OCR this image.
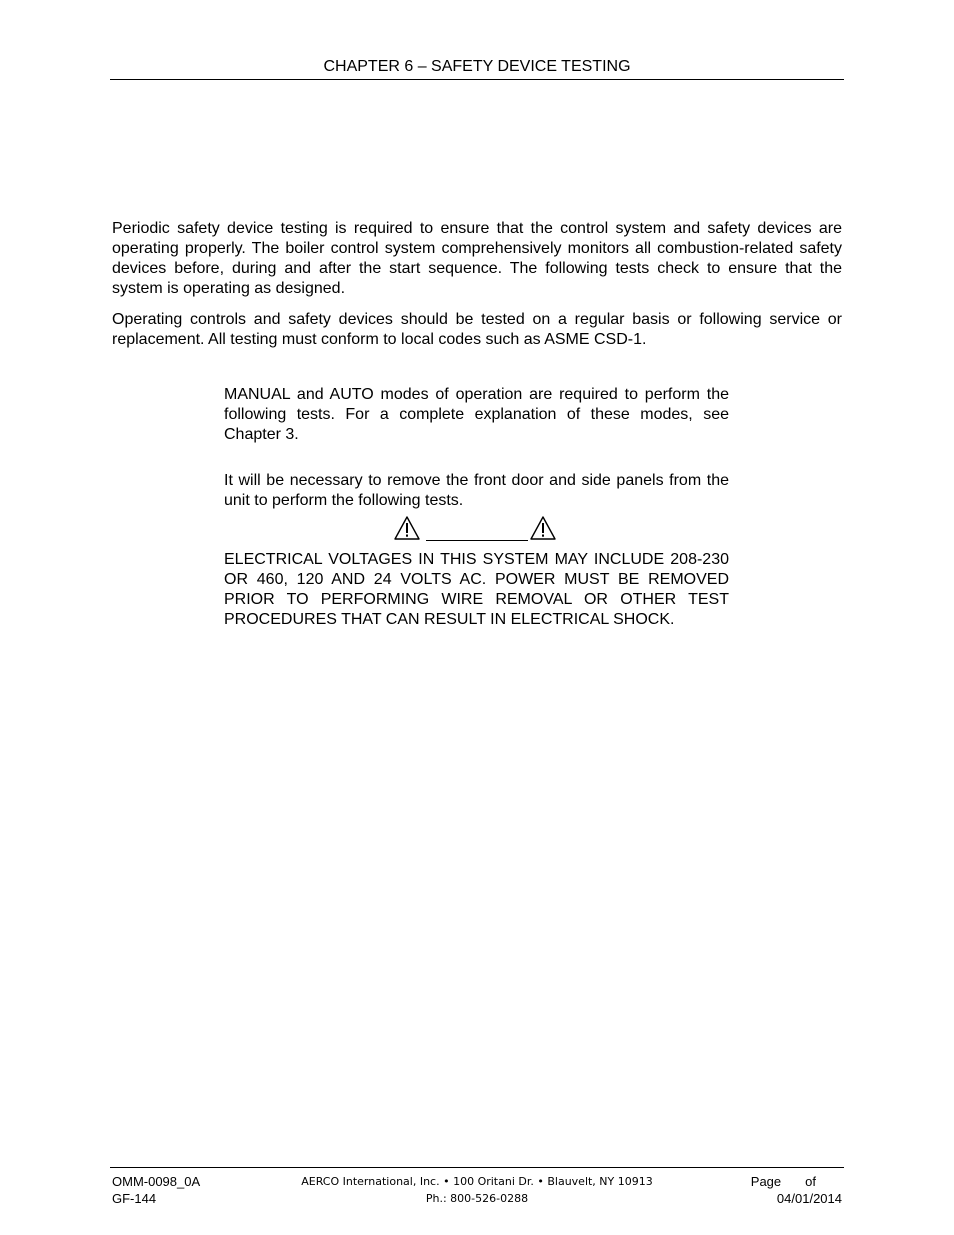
CHAPTER 6 – SAFETY DEVICE TESTING
Periodic safety device testing is required to ensure that the control system and safety devices are operating properly. The boiler control system comprehensively monitors all combustion-related safety devices before, during and after the start sequence. The following tests check to ensure that the system is operating as designed.
Operating controls and safety devices should be tested on a regular basis or following service or replacement. All testing must conform to local codes such as ASME CSD-1.
MANUAL and AUTO modes of operation are required to perform the following tests. For a complete explanation of these modes, see Chapter 3.
It will be necessary to remove the front door and side panels from the unit to perform the following tests.
ELECTRICAL VOLTAGES IN THIS SYSTEM MAY INCLUDE 208-230 OR 460, 120 AND 24 VOLTS AC. POWER MUST BE REMOVED PRIOR TO PERFORMING WIRE REMOVAL OR OTHER TEST PROCEDURES THAT CAN RESULT IN ELECTRICAL SHOCK.
OMM-0098_0A
GF-144
AERCO International, Inc. • 100 Oritani Dr. • Blauvelt, NY 10913
Ph.: 800-526-0288
Page of
04/01/2014
